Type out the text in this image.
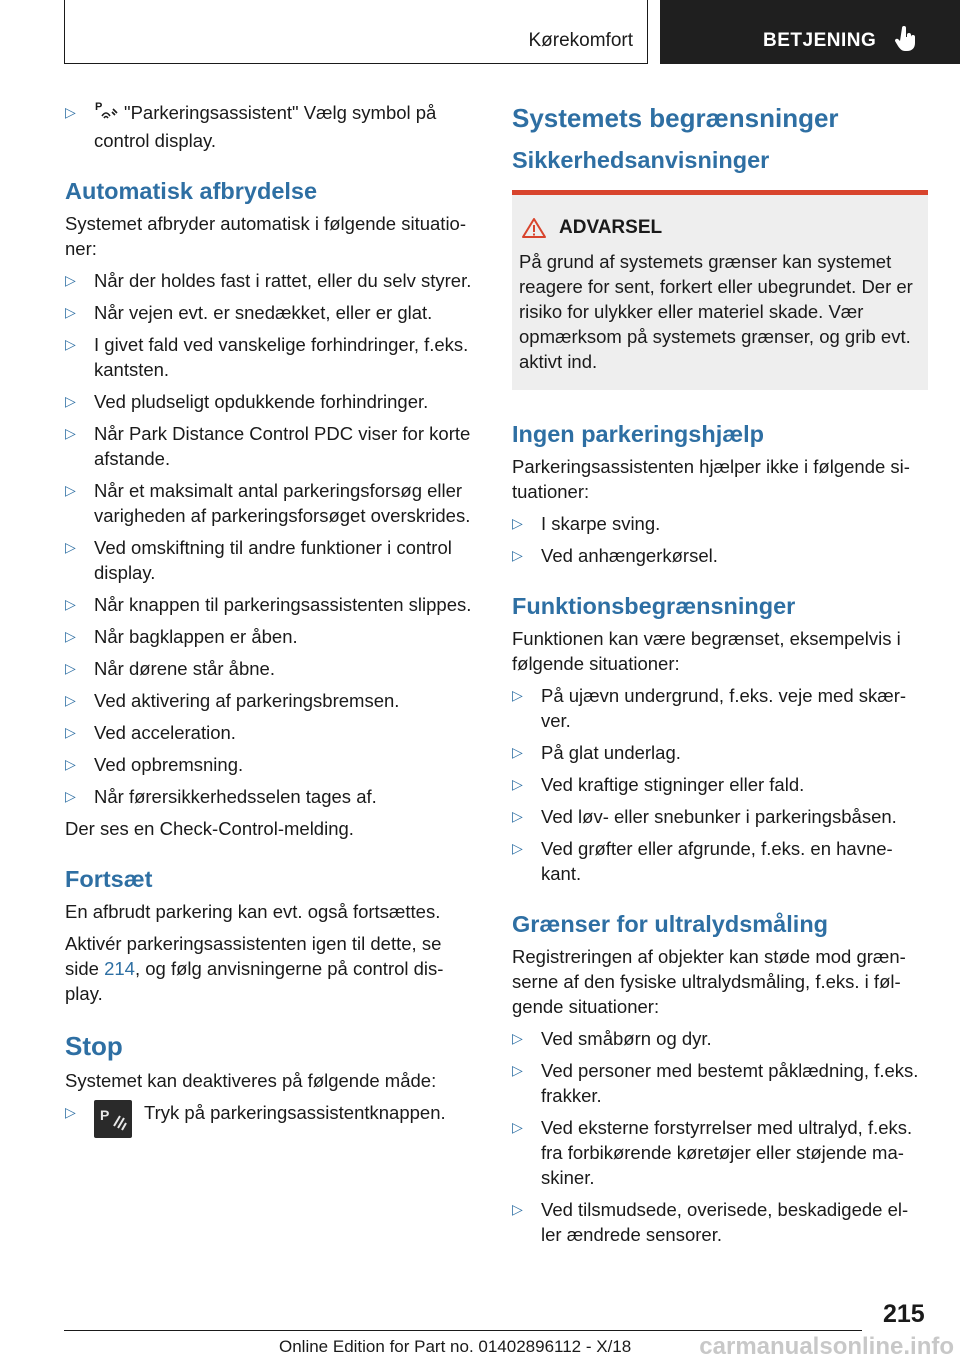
Kørekomfort	BETJENING
▷ P "Parkeringsassistent" Vælg symbol på control display.
Automatisk afbrydelse

Systemet afbryder automatisk i følgende situatio-ner:

▷ Når der holdes fast i rattet, eller du selv styrer.
▷ Når vejen evt. er snedækket, eller er glat.
▷ I givet fald ved vanskelige forhindringer, f.eks. kantsten.
▷ Ved pludseligt opdukkende forhindringer.
▷ Når Park Distance Control PDC viser for korte afstande.
▷ Når et maksimalt antal parkeringsforsøg eller varigheden af parkeringsforsøget overskrides.
▷ Ved omskiftning til andre funktioner i control display.
▷ Når knappen til parkeringsassistenten slippes.
▷ Når bagklappen er åben.
▷ Når dørene står åbne.
▷ Ved aktivering af parkeringsbremsen.
▷ Ved acceleration.
▷ Ved opbremsning.
▷ Når førersikkerhedsselen tages af.

Der ses en Check-Control-melding.

Fortsæt

En afbrudt parkering kan evt. også fortsættes.

Aktivér parkeringsassistenten igen til dette, se side 214, og følg anvisningerne på control dis-play.

Stop

Systemet kan deaktiveres på følgende måde:

▷ P Tryk på parkeringsassistentknappen.
Systemets begrænsninger
Sikkerhedsanvisninger
ADVARSEL
På grund af systemets grænser kan systemet reagere for sent, forkert eller ubegrundet. Der er risiko for ulykker eller materiel skade. Vær opmærksom på systemets grænser, og grib evt. aktivt ind.
Ingen parkeringshjælp

Parkeringsassistenten hjælper ikke i følgende si-tuationer:

▷ I skarpe sving.
▷ Ved anhængerkørsel.
Funktionsbegrænsninger

Funktionen kan være begrænset, eksempelvis i følgende situationer:

▷ På ujævn undergrund, f.eks. veje med skær-ver.
▷ På glat underlag.
▷ Ved kraftige stigninger eller fald.
▷ Ved løv- eller snebunker i parkeringsbåsen.
▷ Ved grøfter eller afgrunde, f.eks. en havne-kant.
Grænser for ultralydsmåling

Registreringen af objekter kan støde mod græn-serne af den fysiske ultralydsmåling, f.eks. i føl-gende situationer:

▷ Ved småbørn og dyr.
▷ Ved personer med bestemt påklædning, f.eks. frakker.
▷ Ved eksterne forstyrrelser med ultralyd, f.eks. fra forbikørende køretøjer eller støjende ma-skiner.
▷ Ved tilsmudsede, overisede, beskadigede el-ler ændrede sensorer.
215
Online Edition for Part no. 01402896112 - X/18	carmanualsonline.info
